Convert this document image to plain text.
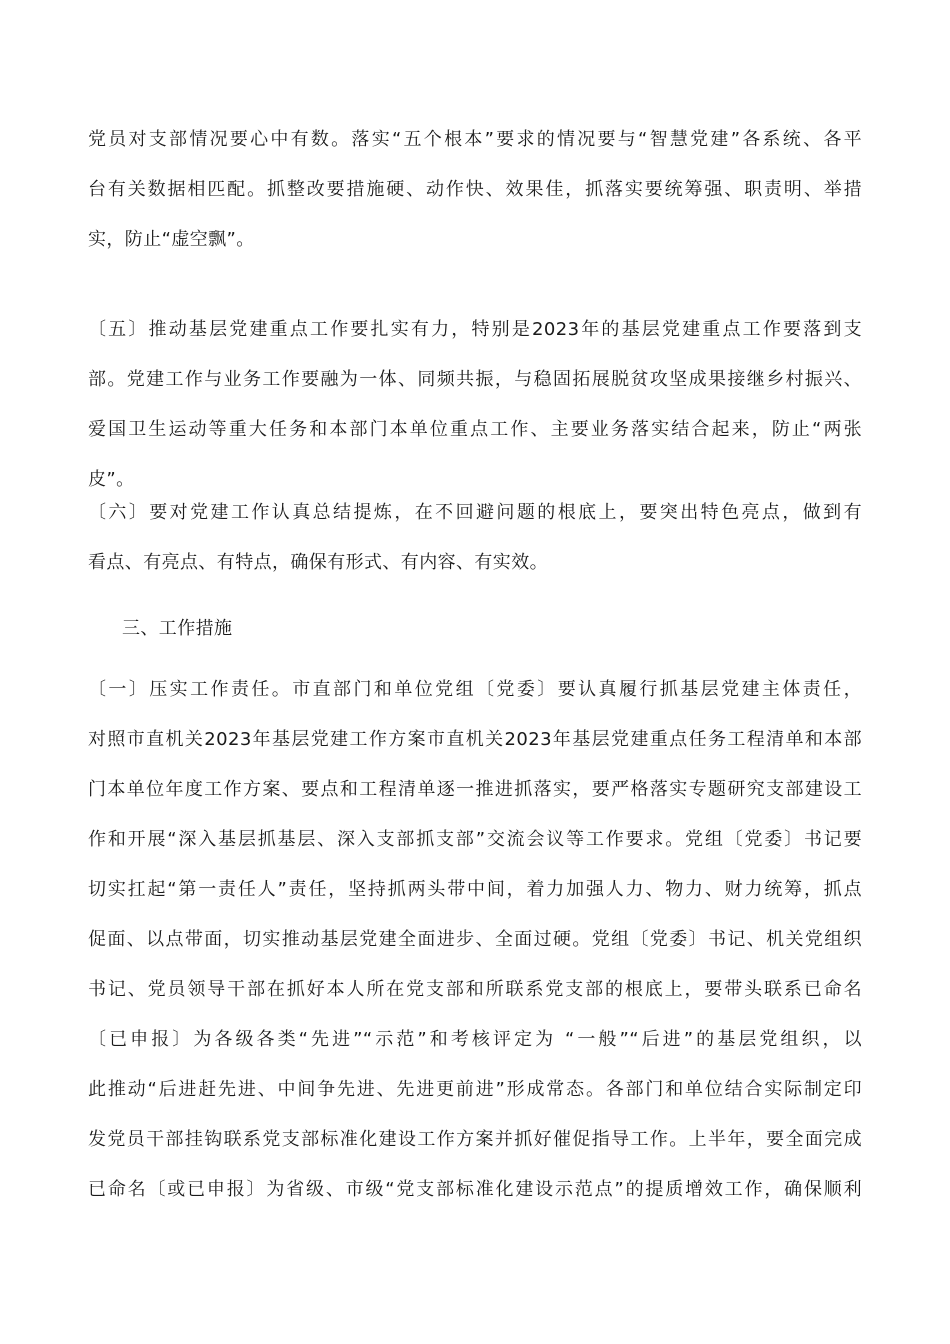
党员对支部情况要心中有数。落实“五个根本”要求的情况要与“智慧党建”各系统、各平

台有关数据相匹配。抓整改要措施硬、动作快、效果佳，抓落实要统筹强、职责明、举措

实，防止“虚空飘”。

〔五〕推动基层党建重点工作要扎实有力，特别是2023年的基层党建重点工作要落到支

部。党建工作与业务工作要融为一体、同频共振，与稳固拓展脱贫攻坚成果接继乡村振兴、

爱国卫生运动等重大任务和本部门本单位重点工作、主要业务落实结合起来，防止“两张

皮”。

〔六〕要对党建工作认真总结提炼，在不回避问题的根底上，要突出特色亮点，做到有

看点、有亮点、有特点，确保有形式、有内容、有实效。

三、工作措施

〔一〕压实工作责任。市直部门和单位党组〔党委〕要认真履行抓基层党建主体责任，

对照市直机关2023年基层党建工作方案市直机关2023年基层党建重点任务工程清单和本部

门本单位年度工作方案、要点和工程清单逐一推进抓落实，要严格落实专题研究支部建设工

作和开展“深入基层抓基层、深入支部抓支部”交流会议等工作要求。党组〔党委〕书记要

切实扛起“第一责任人”责任，坚持抓两头带中间，着力加强人力、物力、财力统筹，抓点

促面、以点带面，切实推动基层党建全面进步、全面过硬。党组〔党委〕书记、机关党组织

书记、党员领导干部在抓好本人所在党支部和所联系党支部的根底上，要带头联系已命名

〔已申报〕为各级各类“先进”“示范”和考核评定为 “一般”“后进”的基层党组织，以

此推动“后进赶先进、中间争先进、先进更前进”形成常态。各部门和单位结合实际制定印

发党员干部挂钩联系党支部标准化建设工作方案并抓好催促指导工作。上半年，要全面完成

已命名〔或已申报〕为省级、市级“党支部标准化建设示范点”的提质增效工作，确保顺利
